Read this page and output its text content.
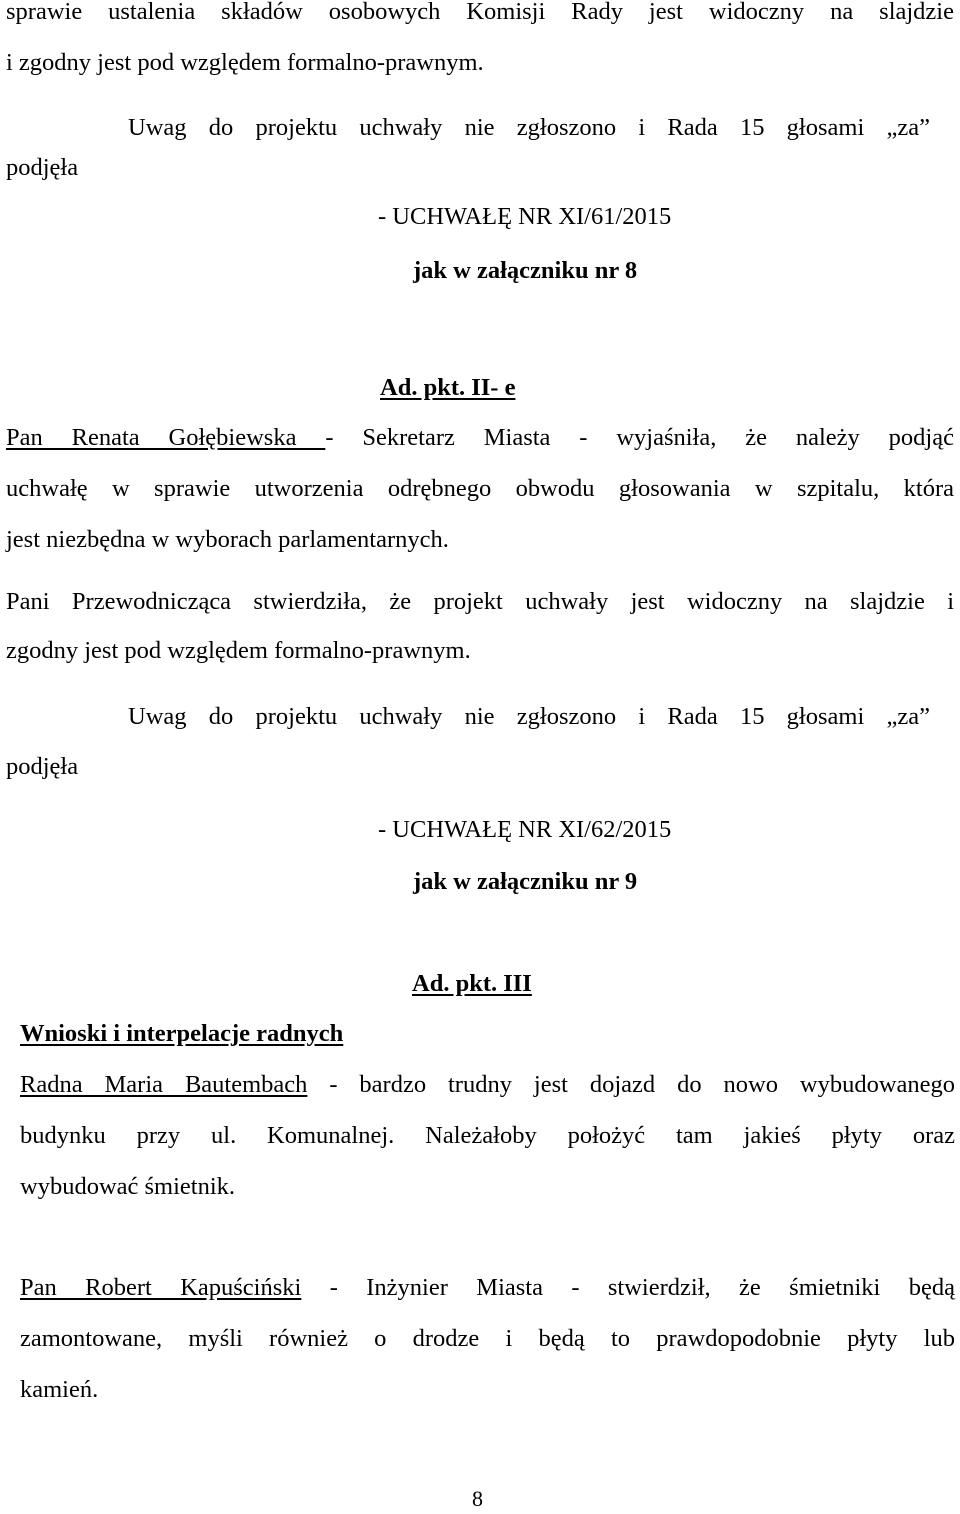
sprawie ustalenia składów osobowych Komisji Rady jest widoczny na slajdzie
i zgodny jest pod względem formalno-prawnym.
Uwag do projektu uchwały nie zgłoszono i Rada 15 głosami „za”
podjęła
- UCHWAŁĘ NR XI/61/2015
jak w załączniku nr 8
Ad. pkt. II- e
Pan Renata Gołębiewska - Sekretarz Miasta - wyjaśniła, że należy podjąć
uchwałę w sprawie utworzenia odrębnego obwodu głosowania w szpitalu, która
jest niezbędna w wyborach parlamentarnych.
Pani Przewodnicząca stwierdziła, że projekt uchwały jest widoczny na slajdzie i
zgodny jest pod względem formalno-prawnym.
Uwag do projektu uchwały nie zgłoszono i Rada 15 głosami „za”
podjęła
- UCHWAŁĘ NR XI/62/2015
jak w załączniku nr 9
Ad. pkt. III
Wnioski i interpelacje radnych
Radna Maria Bautembach - bardzo trudny jest dojazd do nowo wybudowanego
budynku przy ul. Komunalnej. Należałoby położyć tam jakieś płyty oraz
wybudować śmietnik.
Pan Robert Kapuściński - Inżynier Miasta - stwierdził, że śmietniki będą
zamontowane, myśli również o drodze i będą to prawdopodobnie płyty lub
kamień.
8
